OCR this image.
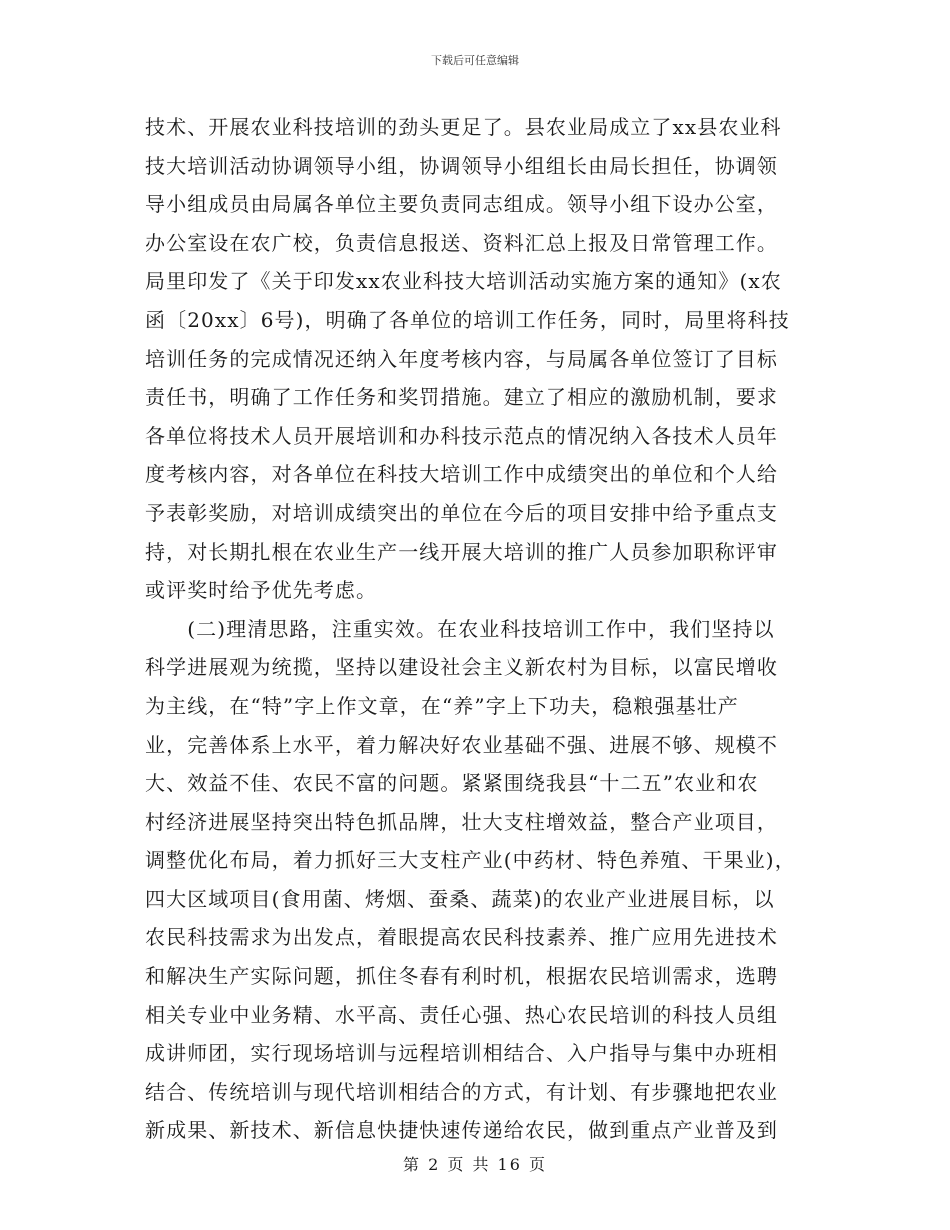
下载后可任意编辑
技术、开展农业科技培训的劲头更足了。县农业局成立了xx县农业科
技大培训活动协调领导小组，协调领导小组组长由局长担任，协调领
导小组成员由局属各单位主要负责同志组成。领导小组下设办公室，
办公室设在农广校，负责信息报送、资料汇总上报及日常管理工作。
局里印发了《关于印发xx农业科技大培训活动实施方案的通知》(x农
函〔20xx〕6号)，明确了各单位的培训工作任务，同时，局里将科技
培训任务的完成情况还纳入年度考核内容，与局属各单位签订了目标
责任书，明确了工作任务和奖罚措施。建立了相应的激励机制，要求
各单位将技术人员开展培训和办科技示范点的情况纳入各技术人员年
度考核内容，对各单位在科技大培训工作中成绩突出的单位和个人给
予表彰奖励，对培训成绩突出的单位在今后的项目安排中给予重点支
持，对长期扎根在农业生产一线开展大培训的推广人员参加职称评审
或评奖时给予优先考虑。
　　(二)理清思路，注重实效。在农业科技培训工作中，我们坚持以
科学进展观为统揽，坚持以建设社会主义新农村为目标，以富民增收
为主线，在“特”字上作文章，在“养”字上下功夫，稳粮强基壮产
业，完善体系上水平，着力解决好农业基础不强、进展不够、规模不
大、效益不佳、农民不富的问题。紧紧围绕我县“十二五”农业和农
村经济进展坚持突出特色抓品牌，壮大支柱增效益，整合产业项目，
调整优化布局，着力抓好三大支柱产业(中药材、特色养殖、干果业)，
四大区域项目(食用菌、烤烟、蚕桑、蔬菜)的农业产业进展目标，以
农民科技需求为出发点，着眼提高农民科技素养、推广应用先进技术
和解决生产实际问题，抓住冬春有利时机，根据农民培训需求，选聘
相关专业中业务精、水平高、责任心强、热心农民培训的科技人员组
成讲师团，实行现场培训与远程培训相结合、入户指导与集中办班相
结合、传统培训与现代培训相结合的方式，有计划、有步骤地把农业
新成果、新技术、新信息快捷快速传递给农民，做到重点产业普及到
第 2 页 共 16 页
